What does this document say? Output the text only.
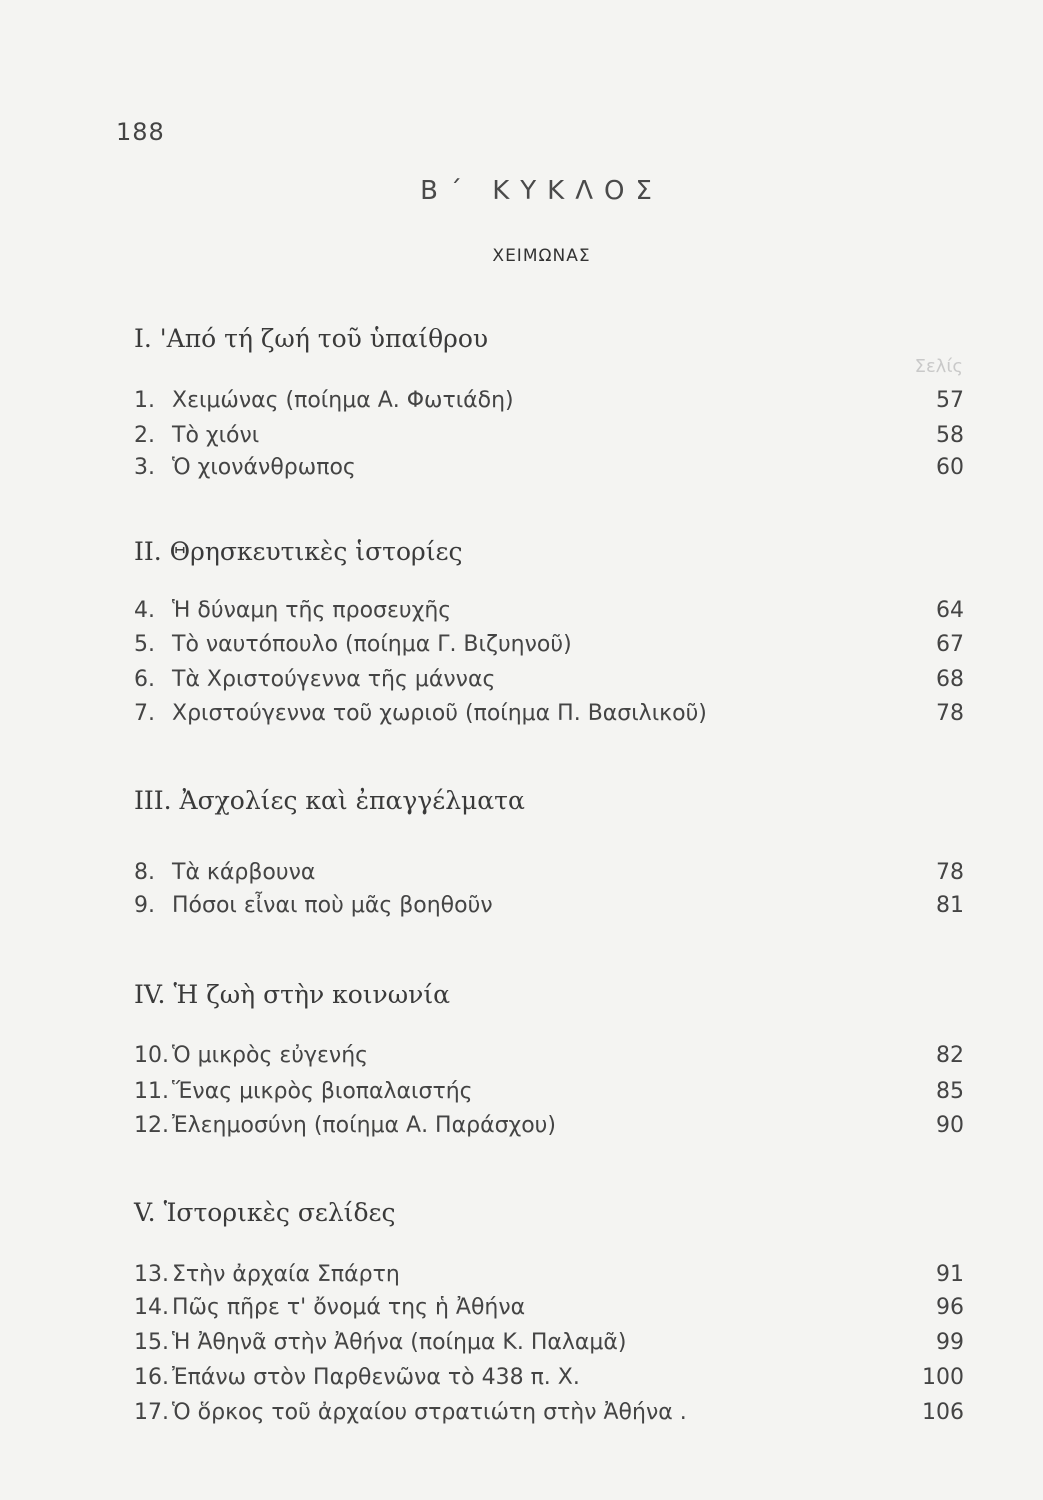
188
Β΄ ΚΥΚΛΟΣ
ΧΕΙΜΩΝΑΣ
Σελίς
Ι. 'Από τή ζωή τοῦ ὑπαίθρου
1. Χειμώνας (ποίημα Α. Φωτιάδη)	57
2. Τὸ χιόνι	58
3. Ὁ χιονάνθρωπος	60
ΙΙ. Θρησκευτικὲς ἱστορίες
4. Ἡ δύναμη τῆς προσευχῆς	64
5. Τὸ ναυτόπουλο (ποίημα Γ. Βιζυηνοῦ)	67
6. Τὰ Χριστούγεννα τῆς μάννας	68
7. Χριστούγεννα τοῦ χωριοῦ (ποίημα Π. Βασιλικοῦ)	78
ΙΙΙ. Ἀσχολίες καὶ ἐπαγγέλματα
8. Τὰ κάρβουνα	78
9. Πόσοι εἶναι ποὺ μᾶς βοηθοῦν	81
IV. Ἡ ζωὴ στὴν κοινωνία
10. Ὁ μικρὸς εὐγενής	82
11. Ἕνας μικρὸς βιοπαλαιστής	85
12. Ἐλεημοσύνη (ποίημα Α. Παράσχου)	90
V. Ἱστορικὲς σελίδες
13. Στὴν ἀρχαία Σπάρτη	91
14. Πῶς πῆρε τ' ὄνομά της ἡ Ἀθήνα	96
15. Ἡ Ἀθηνᾶ στὴν Ἀθήνα (ποίημα Κ. Παλαμᾶ)	99
16. Ἐπάνω στὸν Παρθενῶνα τὸ 438 π. Χ.	100
17. Ὁ ὅρκος τοῦ ἀρχαίου στρατιώτη στὴν Ἀθήνα .	106
